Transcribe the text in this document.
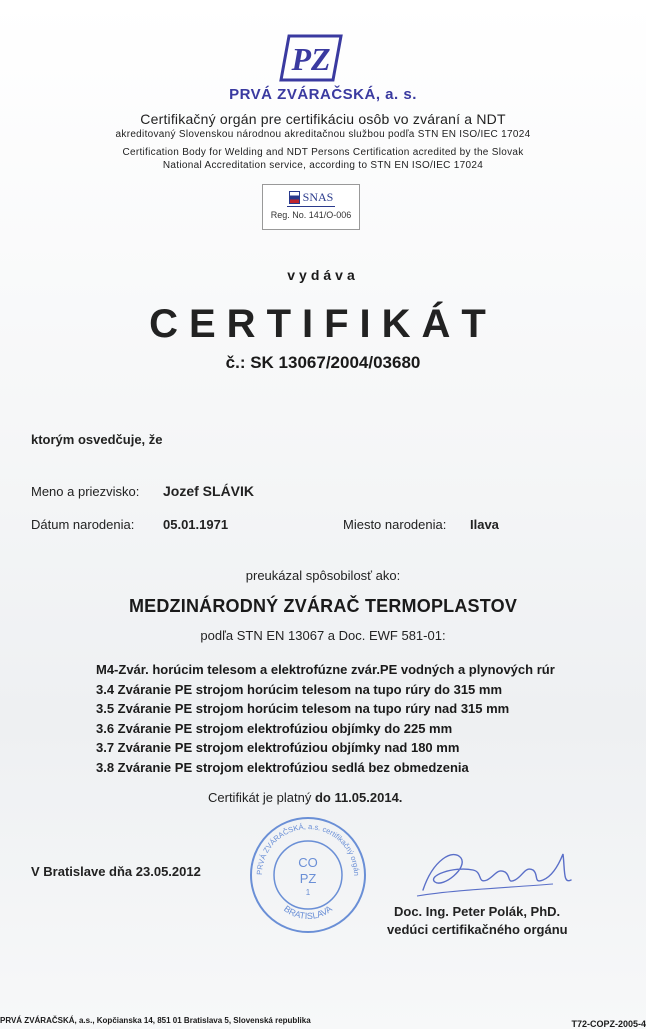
PZ
PRVÁ ZVÁRAČSKÁ, a. s.
Certifikačný orgán pre certifikáciu osôb vo zváraní a NDT
akreditovaný Slovenskou národnou akreditačnou službou podľa STN EN ISO/IEC 17024
Certification Body for Welding and NDT Persons Certification acredited by the Slovak
National Accreditation service, according to STN EN ISO/IEC 17024
SNAS
Reg. No. 141/O-006
vydáva
CERTIFIKÁT
č.: SK 13067/2004/03680
ktorým osvedčuje, že
Meno a priezvisko: Jozef SLÁVIK
Dátum narodenia: 05.01.1971	Miesto narodenia: Ilava
preukázal spôsobilosť ako:
MEDZINÁRODNÝ ZVÁRAČ TERMOPLASTOV
podľa STN EN 13067 a Doc. EWF 581-01:
M4-Zvár. horúcim telesom a elektrofúzne zvár.PE vodných a plynových rúr
3.4 Zváranie PE strojom horúcim telesom na tupo rúry do 315 mm
3.5 Zváranie PE strojom horúcim telesom na tupo rúry nad 315 mm
3.6 Zváranie PE strojom elektrofúziou objímky do 225 mm
3.7 Zváranie PE strojom elektrofúziou objímky nad 180 mm
3.8 Zváranie PE strojom elektrofúziou sedlá bez obmedzenia
Certifikát je platný do 11.05.2014.
V Bratislave dňa 23.05.2012	PRVÁ ZVÁRAČSKÁ, a.s. certifikačný orgán
BRATISLAVA
CO
PZ
1
Doc. Ing. Peter Polák, PhD.
vedúci certifikačného orgánu
PRVÁ ZVÁRAČSKÁ, a.s., Kopčianska 14, 851 01 Bratislava 5, Slovenská republika	T72-COPZ-2005-4
